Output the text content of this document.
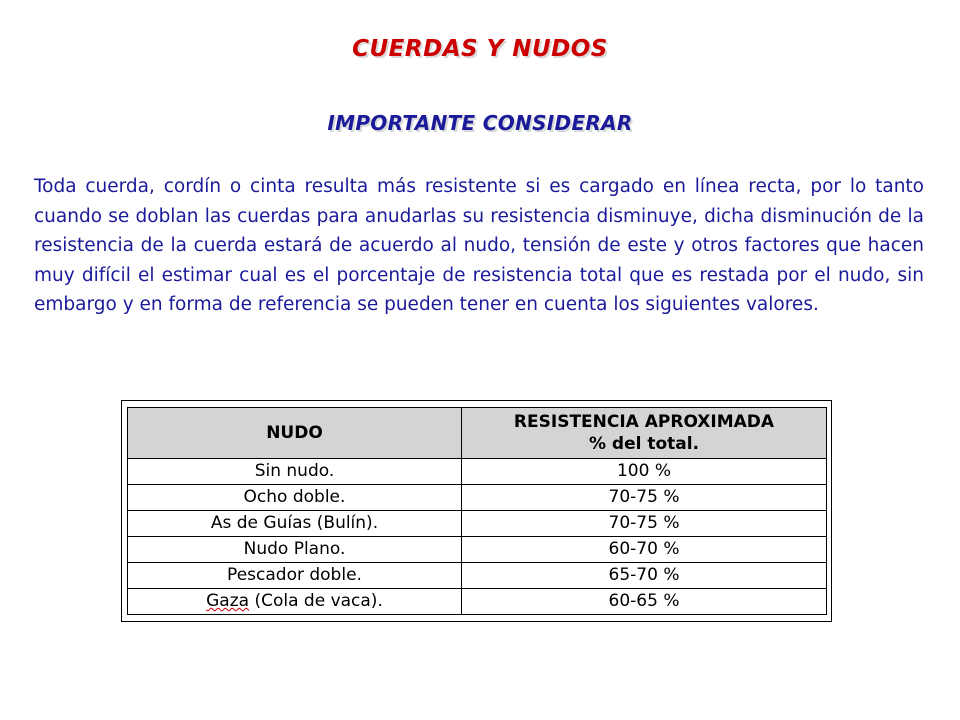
CUERDAS Y NUDOS
IMPORTANTE CONSIDERAR
Toda cuerda, cordín o cinta resulta más resistente si es cargado en línea recta, por lo tanto cuando se doblan las cuerdas para anudarlas su resistencia disminuye, dicha disminución de la resistencia de la cuerda estará de acuerdo al nudo, tensión de este y otros factores que hacen muy difícil el estimar cual es el porcentaje de resistencia total que es restada por el nudo, sin embargo y en forma de referencia se pueden tener en cuenta los siguientes valores.
NUDO	RESISTENCIA APROXIMADA
% del total.
Sin nudo.	100 %
Ocho doble.	70-75 %
As de Guías (Bulín).	70-75 %
Nudo Plano.	60-70 %
Pescador doble.	65-70 %
Gaza (Cola de vaca).	60-65 %
